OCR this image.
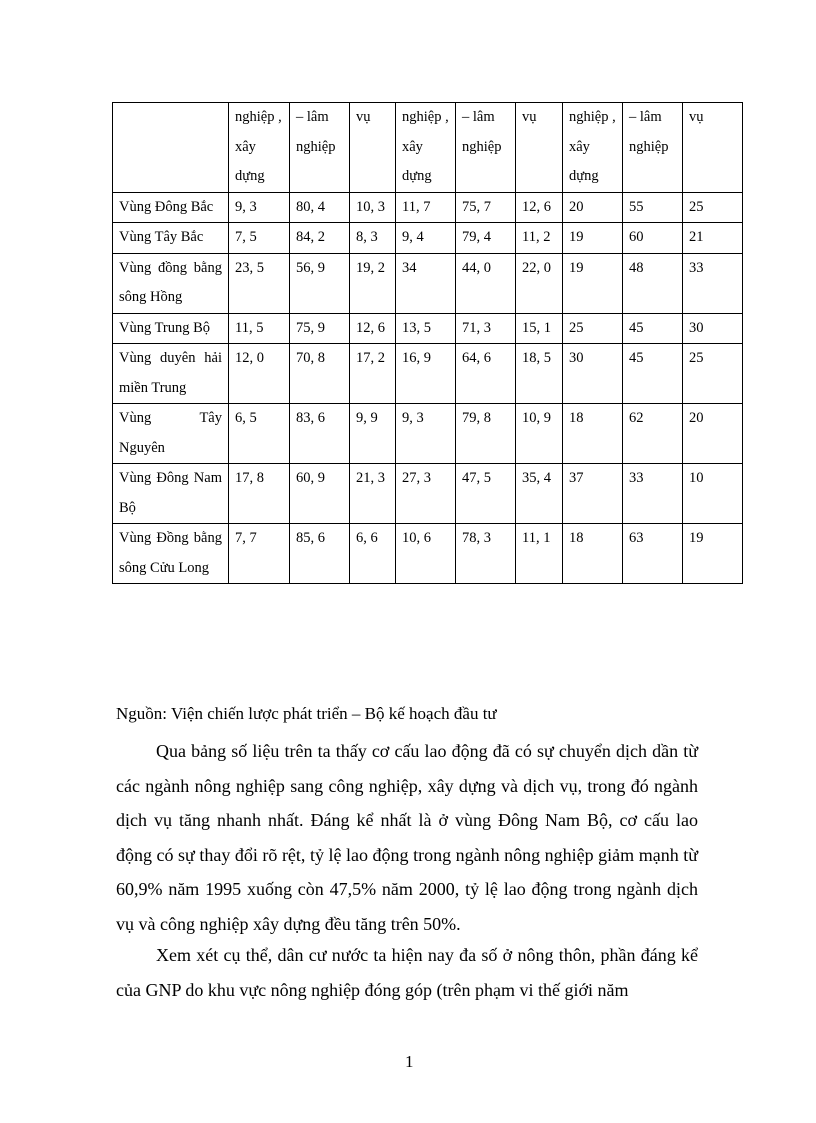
	nghiệp , xây dựng	– lâm nghiệp	vụ	nghiệp , xây dựng	– lâm nghiệp	vụ	nghiệp , xây dựng	– lâm nghiệp	vụ
Vùng Đông Bắc	9, 3	80, 4	10, 3	11, 7	75, 7	12, 6	20	55	25
Vùng Tây Bắc	7, 5	84, 2	8, 3	9, 4	79, 4	11, 2	19	60	21
Vùng đồng bằng sông Hồng	23, 5	56, 9	19, 2	34	44, 0	22, 0	19	48	33
Vùng Trung Bộ	11, 5	75, 9	12, 6	13, 5	71, 3	15, 1	25	45	30
Vùng duyên hải miền Trung	12, 0	70, 8	17, 2	16, 9	64, 6	18, 5	30	45	25
Vùng Tây Nguyên	6, 5	83, 6	9, 9	9, 3	79, 8	10, 9	18	62	20
Vùng Đông Nam Bộ	17, 8	60, 9	21, 3	27, 3	47, 5	35, 4	37	33	10
Vùng Đồng bằng sông Cửu Long	7, 7	85, 6	6, 6	10, 6	78, 3	11, 1	18	63	19
Nguồn: Viện chiến lược phát triển – Bộ kế hoạch đầu tư

Qua bảng số liệu trên ta thấy cơ cấu lao động đã có sự chuyển dịch dần từ các ngành nông nghiệp sang công nghiệp, xây dựng và dịch vụ, trong đó ngành dịch vụ tăng nhanh nhất. Đáng kể nhất là ở vùng Đông Nam Bộ, cơ cấu lao động có sự thay đổi rõ rệt, tỷ lệ lao động trong ngành nông nghiệp giảm mạnh từ 60,9% năm 1995 xuống còn 47,5% năm 2000, tỷ lệ lao động trong ngành dịch vụ và công nghiệp xây dựng đều tăng trên 50%.

Xem xét cụ thể, dân cư nước ta hiện nay đa số ở nông thôn, phần đáng kể của GNP do khu vực nông nghiệp đóng góp (trên phạm vi thế giới năm

1
